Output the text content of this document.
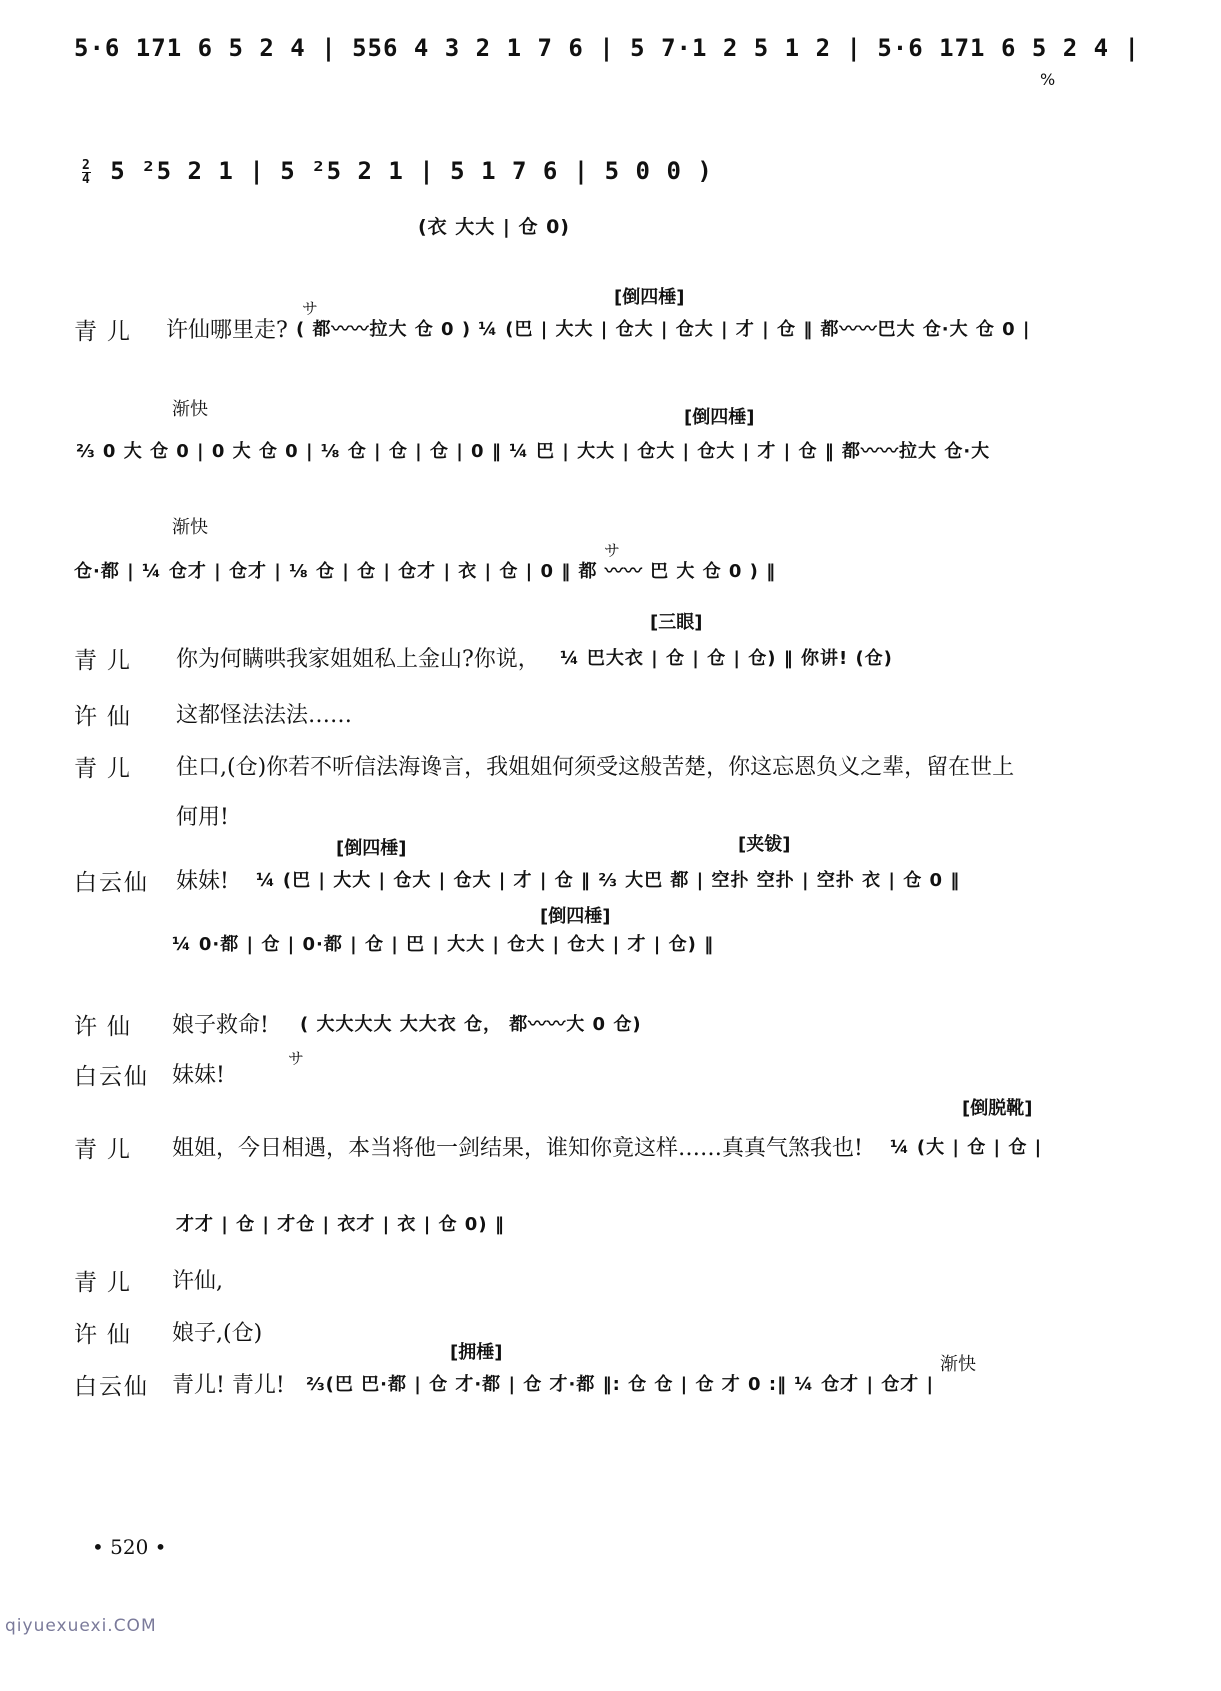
5·6 171 6 5 2 4 | 556 4 3 2 1 7 6 | 5 7·1 2 5 1 2 | 5·6 171 6 5 2 4 |
%
2
4 5 ²5 2 1 | 5 ²5 2 1 | 5 1 7 6 | 5 0 0 )
(衣 大大 | 仓 0)
[倒四棰]
サ
青儿 许仙哪里走? ( 都〰〰拉大 仓 0 ) ¼ (巴 | 大大 | 仓大 | 仓大 | 才 | 仓 ‖ 都〰〰巴大 仓·大 仓 0 |
渐快	[倒四棰]
⅔ 0 大 仓 0 | 0 大 仓 0 | ⅛ 仓 | 仓 | 仓 | 0 ‖ ¼ 巴 | 大大 | 仓大 | 仓大 | 才 | 仓 ‖ 都〰〰拉大 仓·大
渐快
サ
仓·都 | ¼ 仓才 | 仓才 | ⅛ 仓 | 仓 | 仓才 | 衣 | 仓 | 0 ‖ 都 〰〰 巴 大 仓 0 ) ‖
[三眼]
青儿 你为何瞒哄我家姐姐私上金山?你说， ¼ 巴大衣 | 仓 | 仓 | 仓) ‖ 你讲! (仓)
许仙 这都怪法法法……
青儿 住口,(仓)你若不听信法海谗言，我姐姐何须受这般苦楚，你这忘恩负义之辈，留在世上
何用!
[倒四棰]	[夹钹]
白云仙 妹妹! ¼ (巴 | 大大 | 仓大 | 仓大 | 才 | 仓 ‖ ⅔ 大巴 都 | 空扑 空扑 | 空扑 衣 | 仓 0 ‖
[倒四棰]
¼ 0·都 | 仓 | 0·都 | 仓 | 巴 | 大大 | 仓大 | 仓大 | 才 | 仓) ‖
许仙 娘子救命! ( 大大大大 大大衣 仓， 都〰〰大 0 仓)
白云仙 妹妹!
サ
[倒脱靴]
青儿 姐姐，今日相遇，本当将他一剑结果，谁知你竟这样……真真气煞我也! ¼ (大 | 仓 | 仓 |
才才 | 仓 | 才仓 | 衣才 | 衣 | 仓 0) ‖
青儿 许仙,
许仙 娘子,(仓)
[拥棰]
渐快
白云仙 青儿! 青儿! ⅔(巴 巴·都 | 仓 才·都 | 仓 才·都 ‖: 仓 仓 | 仓 才 0 :‖ ¼ 仓才 | 仓才 |
• 520 •
qiyuexuexi.COM
